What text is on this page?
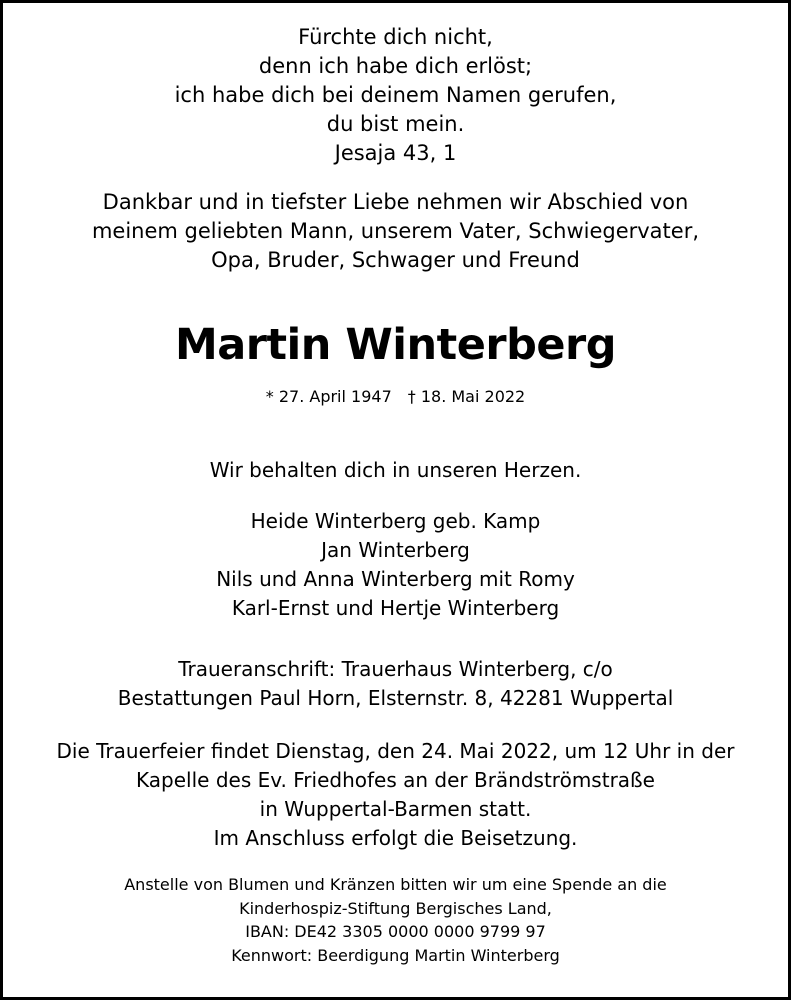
Fürchte dich nicht,
denn ich habe dich erlöst;
ich habe dich bei deinem Namen gerufen,
du bist mein.
Jesaja 43, 1
Dankbar und in tiefster Liebe nehmen wir Abschied von
meinem geliebten Mann, unserem Vater, Schwiegervater,
Opa, Bruder, Schwager und Freund
Martin Winterberg
* 27. April 1947 † 18. Mai 2022
Wir behalten dich in unseren Herzen.
Heide Winterberg geb. Kamp
Jan Winterberg
Nils und Anna Winterberg mit Romy
Karl-Ernst und Hertje Winterberg
Traueranschrift: Trauerhaus Winterberg, c/o
Bestattungen Paul Horn, Elsternstr. 8, 42281 Wuppertal
Die Trauerfeier findet Dienstag, den 24. Mai 2022, um 12 Uhr in der
Kapelle des Ev. Friedhofes an der Brändströmstraße
in Wuppertal-Barmen statt.
Im Anschluss erfolgt die Beisetzung.
Anstelle von Blumen und Kränzen bitten wir um eine Spende an die
Kinderhospiz-Stiftung Bergisches Land,
IBAN: DE42 3305 0000 0000 9799 97
Kennwort: Beerdigung Martin Winterberg
